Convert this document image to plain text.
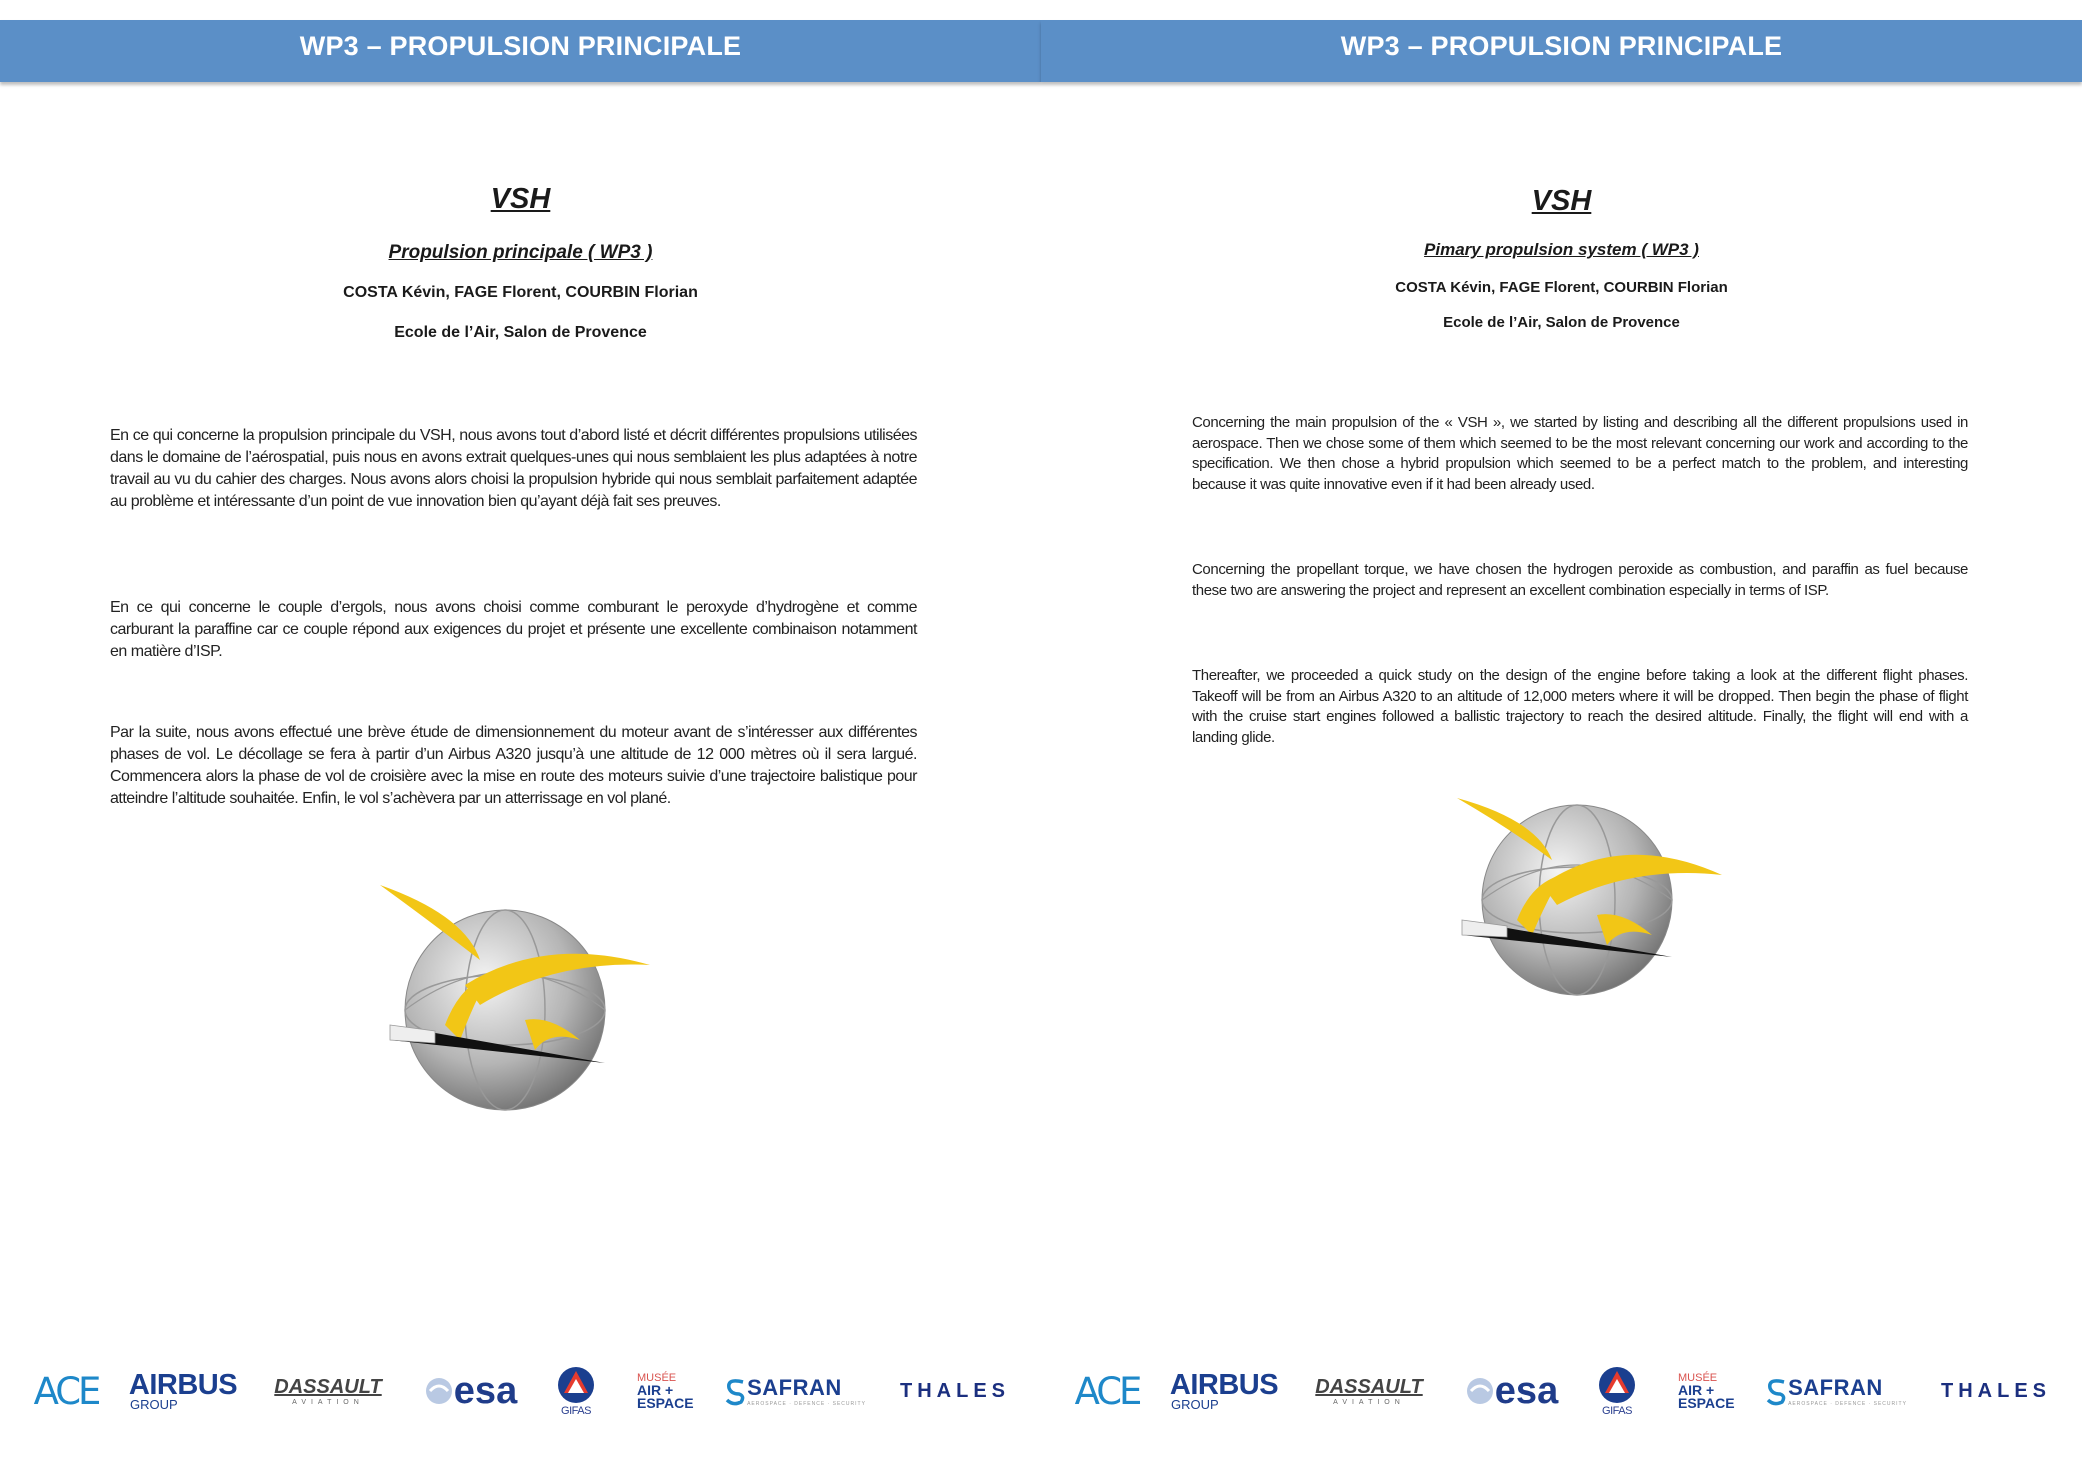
WP3 – PROPULSION PRINCIPALE
VSH
Propulsion principale ( WP3 )
COSTA Kévin, FAGE Florent, COURBIN Florian
Ecole de l’Air, Salon de Provence
En ce qui concerne la propulsion principale du VSH, nous avons tout d’abord listé et décrit différentes propulsions utilisées dans le domaine de l’aérospatial, puis nous en avons extrait quelques-unes qui nous semblaient les plus adaptées à notre travail au vu du cahier des charges. Nous avons alors choisi la propulsion hybride qui nous semblait parfaitement adaptée au problème et intéressante d’un point de vue innovation bien qu’ayant déjà fait ses preuves.
En ce qui concerne le couple d’ergols, nous avons choisi comme comburant le peroxyde d’hydrogène et comme carburant la paraffine car ce couple répond aux exigences du projet et présente une excellente combinaison notamment en matière d’ISP.
Par la suite, nous avons effectué une brève étude de dimensionnement du moteur avant de s’intéresser aux différentes phases de vol. Le décollage se fera à partir d’un Airbus A320 jusqu’à une altitude de 12 000 mètres où il sera largué. Commencera alors la phase de vol de croisière avec la mise en route des moteurs suivie d’une trajectoire balistique pour atteindre l’altitude souhaitée. Enfin, le vol s’achèvera par un atterrissage en vol plané.
WP3 – PROPULSION PRINCIPALE
VSH
Pimary propulsion system ( WP3 )
COSTA Kévin, FAGE Florent, COURBIN Florian
Ecole de l’Air, Salon de Provence
Concerning the main propulsion of the « VSH », we started by listing and describing all the different propulsions used in aerospace. Then we chose some of them which seemed to be the most relevant concerning our work and according to the specification. We then chose a hybrid propulsion which seemed to be a perfect match to the problem, and interesting because it was quite innovative even if it had been already used.
Concerning the propellant torque, we have chosen the hydrogen peroxide as combustion, and paraffin as fuel because these two are answering the project and represent an excellent combination especially in terms of ISP.
Thereafter, we proceeded a quick study on the design of the engine before taking a look at the different flight phases. Takeoff will be from an Airbus A320 to an altitude of 12,000 meters where it will be dropped. Then begin the phase of flight with the cruise start engines followed a ballistic trajectory to reach the desired altitude. Finally, the flight will end with a landing glide.
ACE AIRBUS
GROUP
DASSAULT
AVIATION esa	GIFAS
MUSÉE
AIR +
ESPACE
SAFRAN
AEROSPACE · DEFENCE · SECURITY
THALES ACE AIRBUS
GROUP
DASSAULT
AVIATION esa	GIFAS
MUSÉE
AIR +
ESPACE
SAFRAN
AEROSPACE · DEFENCE · SECURITY
THALES
